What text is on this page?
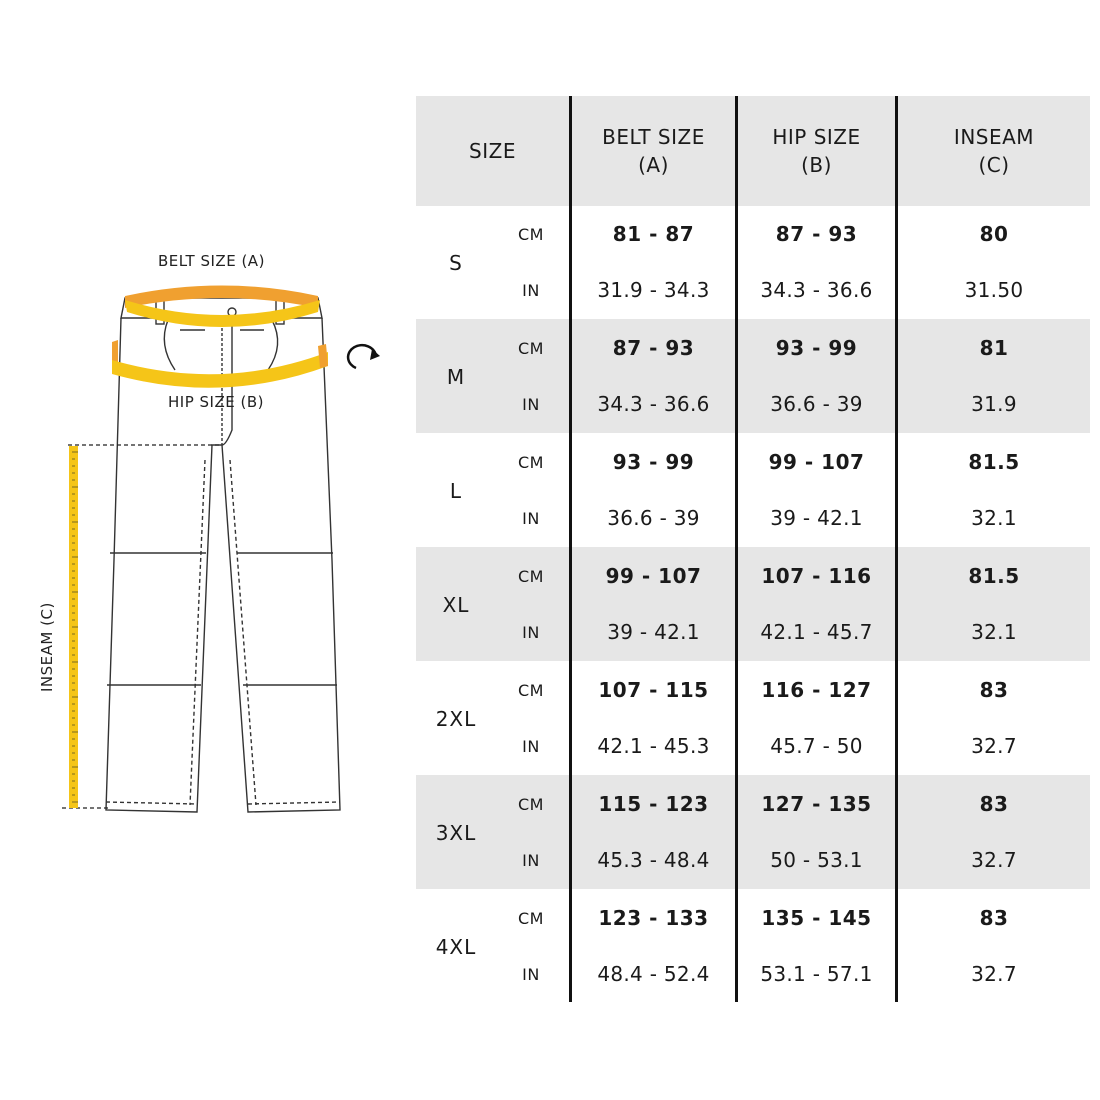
BELT SIZE (A)
HIP SIZE (B)
INSEAM (C)
SIZE
BELT SIZE
(A)
HIP SIZE
(B)
INSEAM
(C)
S
CM
IN
81 - 87
31.9 - 34.3
87 - 93
34.3 - 36.6
80
31.50
M
CM
IN
87 - 93
34.3 - 36.6
93 - 99
36.6 - 39
81
31.9
L
CM
IN
93 - 99
36.6 - 39
99 - 107
39 - 42.1
81.5
32.1
XL
CM
IN
99 - 107
39 - 42.1
107 - 116
42.1 - 45.7
81.5
32.1
2XL
CM
IN
107 - 115
42.1 - 45.3
116 - 127
45.7 - 50
83
32.7
3XL
CM
IN
115 - 123
45.3 - 48.4
127 - 135
50 - 53.1
83
32.7
4XL
CM
IN
123 - 133
48.4 - 52.4
135 - 145
53.1 - 57.1
83
32.7
